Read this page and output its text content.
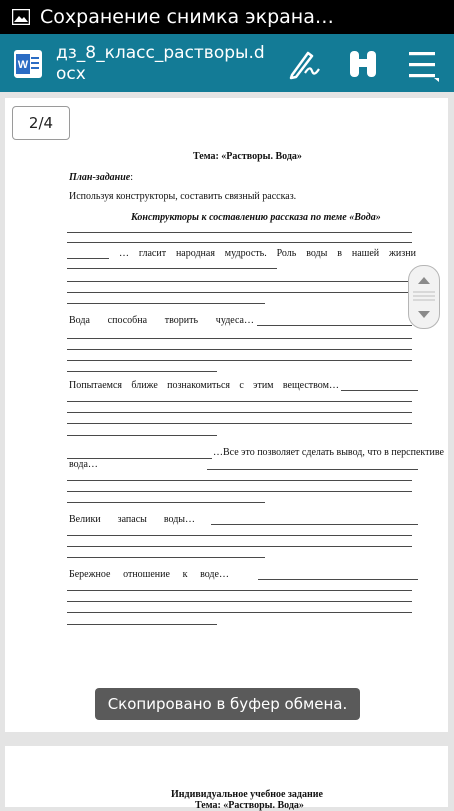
Сохранение снимка экрана…
W
дз_8_класс_растворы.docx
Тема: «Растворы. Вода»
План-задание:
Используя конструкторы, составить связный рассказ.
Конструкторы к составлению рассказа по теме «Вода»
… гласит народная мудрость. Роль воды в нашей жизни
Вода способна творить чудеса…
Попытаемся ближе познакомиться с этим веществом…
…Все это позволяет сделать вывод, что в перспективе
вода…
Велики запасы воды…
Бережное отношение к воде…
Индивидуальное учебное задание
Тема: «Растворы. Вода»
2/4
Скопировано в буфер обмена.
